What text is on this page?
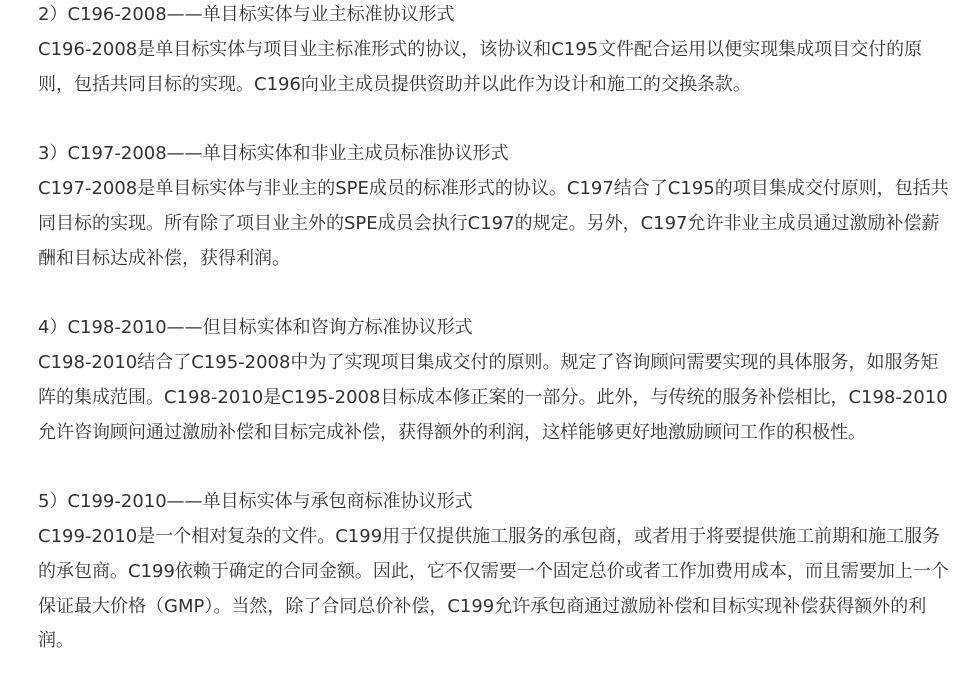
2）C196-2008——单目标实体与业主标准协议形式

C196-2008是单目标实体与项目业主标准形式的协议，该协议和C195文件配合运用以便实现集成项目交付的原则，包括共同目标的实现。C196向业主成员提供资助并以此作为设计和施工的交换条款。

3）C197-2008——单目标实体和非业主成员标准协议形式

C197-2008是单目标实体与非业主的SPE成员的标准形式的协议。C197结合了C195的项目集成交付原则，包括共同目标的实现。所有除了项目业主外的SPE成员会执行C197的规定。另外，C197允许非业主成员通过激励补偿薪酬和目标达成补偿，获得利润。

4）C198-2010——但目标实体和咨询方标准协议形式

C198-2010结合了C195-2008中为了实现项目集成交付的原则。规定了咨询顾问需要实现的具体服务，如服务矩阵的集成范围。C198-2010是C195-2008目标成本修正案的一部分。此外，与传统的服务补偿相比，C198-2010允许咨询顾问通过激励补偿和目标完成补偿，获得额外的利润，这样能够更好地激励顾问工作的积极性。

5）C199-2010——单目标实体与承包商标准协议形式

C199-2010是一个相对复杂的文件。C199用于仅提供施工服务的承包商，或者用于将要提供施工前期和施工服务的承包商。C199依赖于确定的合同金额。因此，它不仅需要一个固定总价或者工作加费用成本，而且需要加上一个保证最大价格（GMP）。当然，除了合同总价补偿，C199允许承包商通过激励补偿和目标实现补偿获得额外的利润。
